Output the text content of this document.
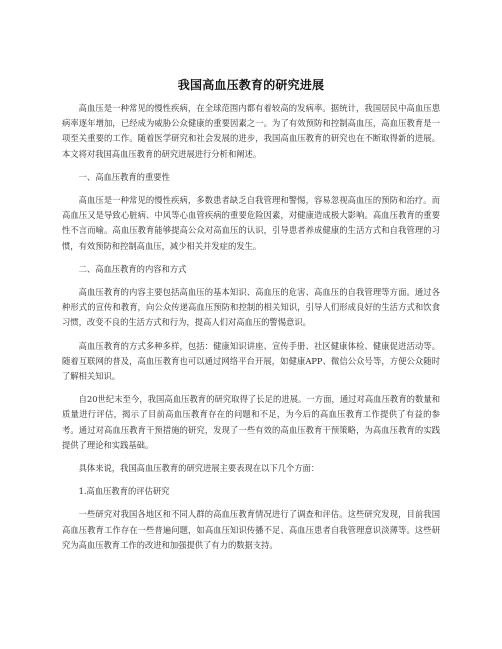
我国高血压教育的研究进展
高血压是一种常见的慢性疾病，在全球范围内都有着较高的发病率。据统计，我国居民中高血压患病率逐年增加，已经成为威胁公众健康的重要因素之一。为了有效预防和控制高血压，高血压教育是一项至关重要的工作。随着医学研究和社会发展的进步，我国高血压教育的研究也在不断取得新的进展。本文将对我国高血压教育的研究进展进行分析和阐述。
一、高血压教育的重要性
高血压是一种常见的慢性疾病，多数患者缺乏自我管理和警惕，容易忽视高血压的预防和治疗。而高血压又是导致心脏病、中风等心血管疾病的重要危险因素，对健康造成极大影响。高血压教育的重要性不言而喻。高血压教育能够提高公众对高血压的认识，引导患者养成健康的生活方式和自我管理的习惯，有效预防和控制高血压，减少相关并发症的发生。
二、高血压教育的内容和方式
高血压教育的内容主要包括高血压的基本知识、高血压的危害、高血压的自我管理等方面。通过各种形式的宣传和教育，向公众传递高血压预防和控制的相关知识，引导人们形成良好的生活方式和饮食习惯，改变不良的生活方式和行为，提高人们对高血压的警惕意识。
高血压教育的方式多种多样，包括：健康知识讲座、宣传手册、社区健康体检、健康促进活动等。随着互联网的普及，高血压教育也可以通过网络平台开展，如健康APP、微信公众号等，方便公众随时了解相关知识。
自20世纪末至今，我国高血压教育的研究取得了长足的进展。一方面，通过对高血压教育的数量和质量进行评估，揭示了目前高血压教育存在的问题和不足，为今后的高血压教育工作提供了有益的参考。通过对高血压教育干预措施的研究，发现了一些有效的高血压教育干预策略，为高血压教育的实践提供了理论和实践基础。
具体来说，我国高血压教育的研究进展主要表现在以下几个方面：
1.高血压教育的评估研究
一些研究对我国各地区和不同人群的高血压教育情况进行了调查和评估。这些研究发现，目前我国高血压教育工作存在一些普遍问题，如高血压知识传播不足、高血压患者自我管理意识淡薄等。这些研究为高血压教育工作的改进和加强提供了有力的数据支持。
